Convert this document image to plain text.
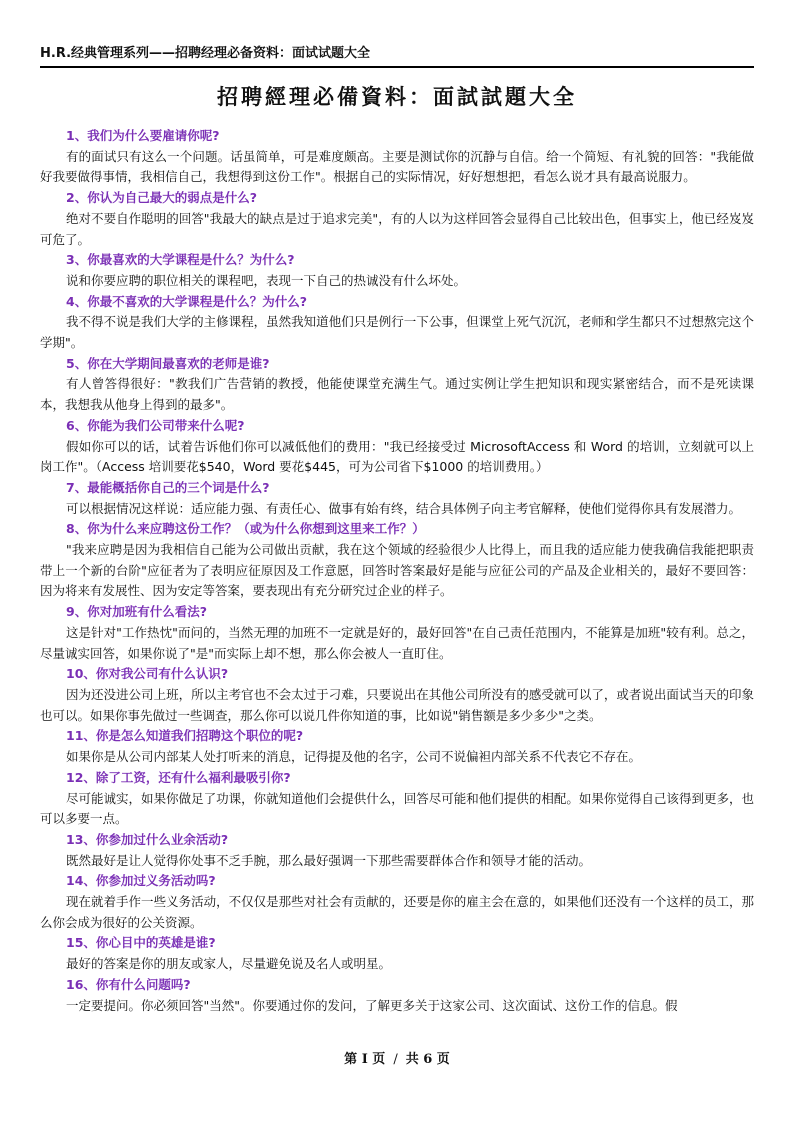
H.R.经典管理系列——招聘经理必备资料：面试试题大全
招聘經理必備資料：面試試題大全

1、我们为什么要雇请你呢?

有的面试只有这么一个问题。话虽简单，可是难度颇高。主要是测试你的沉静与自信。给一个简短、有礼貌的回答："我能做好我要做得事情，我相信自己，我想得到这份工作"。根据自己的实际情况，好好想想把，看怎么说才具有最高说服力。

2、你认为自己最大的弱点是什么?

绝对不要自作聪明的回答"我最大的缺点是过于追求完美"，有的人以为这样回答会显得自己比较出色，但事实上，他已经岌岌可危了。

3、你最喜欢的大学课程是什么？为什么?

说和你要应聘的职位相关的课程吧，表现一下自己的热诚没有什么坏处。

4、你最不喜欢的大学课程是什么？为什么?

我不得不说是我们大学的主修课程，虽然我知道他们只是例行一下公事，但课堂上死气沉沉，老师和学生都只不过想熬完这个学期"。

5、你在大学期间最喜欢的老师是谁?

有人曾答得很好："教我们广告营销的教授，他能使课堂充满生气。通过实例让学生把知识和现实紧密结合，而不是死读课本，我想我从他身上得到的最多"。

6、你能为我们公司带来什么呢?

假如你可以的话，试着告诉他们你可以减低他们的费用："我已经接受过 MicrosoftAccess 和 Word 的培训，立刻就可以上岗工作"。（Access 培训要花$540，Word 要花$445，可为公司省下$1000 的培训费用。）

7、最能概括你自己的三个词是什么?

可以根据情况这样说：适应能力强、有责任心、做事有始有终，结合具体例子向主考官解释，使他们觉得你具有发展潜力。

8、你为什么来应聘这份工作？（或为什么你想到这里来工作？）

"我来应聘是因为我相信自己能为公司做出贡献，我在这个领域的经验很少人比得上，而且我的适应能力使我确信我能把职责带上一个新的台阶"应征者为了表明应征原因及工作意愿，回答时答案最好是能与应征公司的产品及企业相关的，最好不要回答：因为将来有发展性、因为安定等答案，要表现出有充分研究过企业的样子。

9、你对加班有什么看法?

这是针对"工作热忱"而问的，当然无理的加班不一定就是好的，最好回答"在自己责任范围内，不能算是加班"较有利。总之，尽量诚实回答，如果你说了"是"而实际上却不想，那么你会被人一直盯住。

10、你对我公司有什么认识?

因为还没进公司上班，所以主考官也不会太过于刁难，只要说出在其他公司所没有的感受就可以了，或者说出面试当天的印象也可以。如果你事先做过一些调查，那么你可以说几件你知道的事，比如说"销售额是多少多少"之类。

11、你是怎么知道我们招聘这个职位的呢?

如果你是从公司内部某人处打听来的消息，记得提及他的名字，公司不说偏袒内部关系不代表它不存在。

12、除了工资，还有什么福利最吸引你?

尽可能诚实，如果你做足了功课，你就知道他们会提供什么，回答尽可能和他们提供的相配。如果你觉得自己该得到更多，也可以多要一点。

13、你参加过什么业余活动?

既然最好是让人觉得你处事不乏手腕，那么最好强调一下那些需要群体合作和领导才能的活动。

14、你参加过义务活动吗?

现在就着手作一些义务活动，不仅仅是那些对社会有贡献的，还要是你的雇主会在意的，如果他们还没有一个这样的员工，那么你会成为很好的公关资源。

15、你心目中的英雄是谁?

最好的答案是你的朋友或家人，尽量避免说及名人或明星。

16、你有什么问题吗?

一定要提问。你必须回答"当然"。你要通过你的发问，了解更多关于这家公司、这次面试、这份工作的信息。假

第 I 页 / 共 6 页
